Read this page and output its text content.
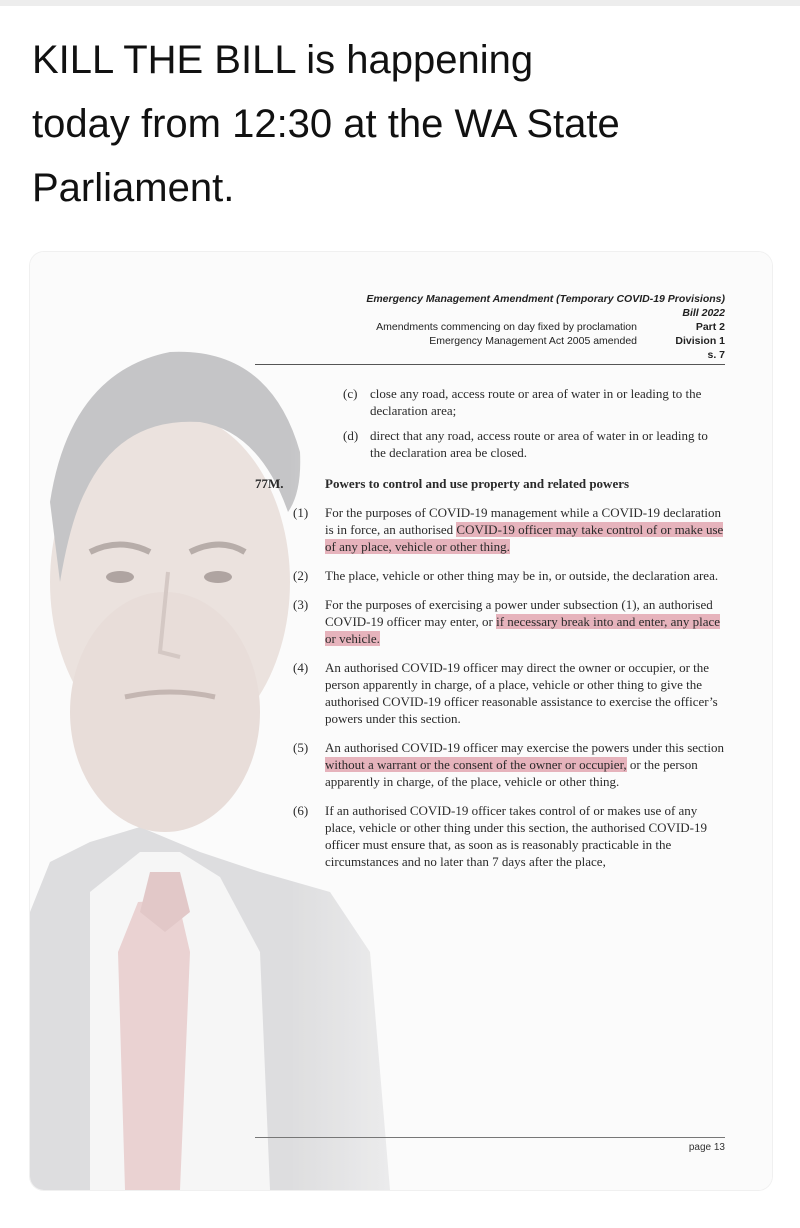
KILL THE BILL is happening
today from 12:30 at the WA State
Parliament.
Emergency Management Amendment (Temporary COVID-19 Provisions)
Bill 2022
Amendments commencing on day fixed by proclamation	Part 2
Emergency Management Act 2005 amended	Division 1
s. 7
(c) close any road, access route or area of water in or leading to the declaration area;
(d) direct that any road, access route or area of water in or leading to the declaration area be closed.
77M.	Powers to control and use property and related powers
(1) For the purposes of COVID-19 management while a COVID-19 declaration is in force, an authorised COVID-19 officer may take control of or make use of any place, vehicle or other thing.
(2) The place, vehicle or other thing may be in, or outside, the declaration area.
(3) For the purposes of exercising a power under subsection (1), an authorised COVID-19 officer may enter, or if necessary break into and enter, any place or vehicle.
(4) An authorised COVID-19 officer may direct the owner or occupier, or the person apparently in charge, of a place, vehicle or other thing to give the authorised COVID-19 officer reasonable assistance to exercise the officer’s powers under this section.
(5) An authorised COVID-19 officer may exercise the powers under this section without a warrant or the consent of the owner or occupier, or the person apparently in charge, of the place, vehicle or other thing.
(6) If an authorised COVID-19 officer takes control of or makes use of any place, vehicle or other thing under this section, the authorised COVID-19 officer must ensure that, as soon as is reasonably practicable in the circumstances and no later than 7 days after the place,
page 13
